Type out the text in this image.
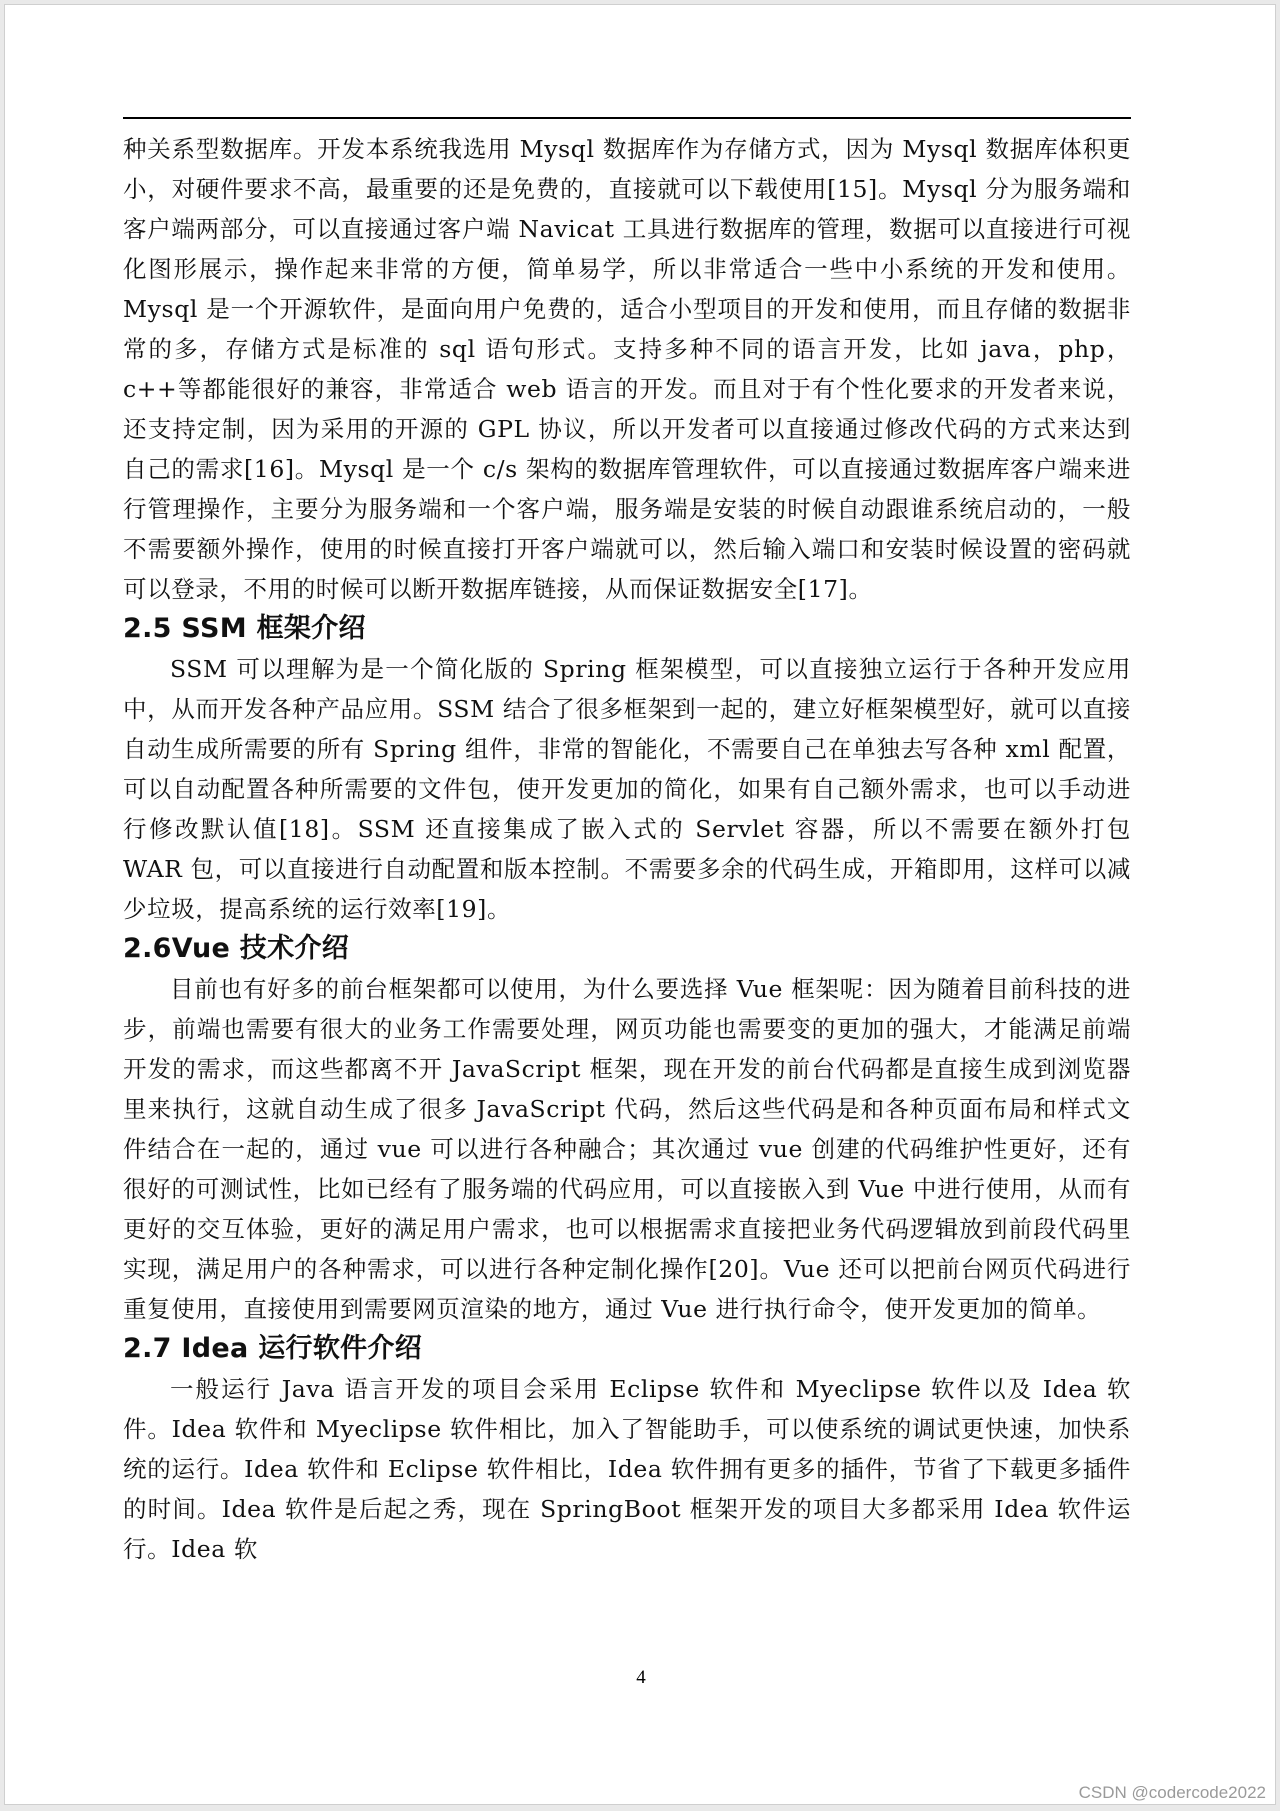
种关系型数据库。开发本系统我选用 Mysql 数据库作为存储方式，因为 Mysql 数据库体积更小，对硬件要求不高，最重要的还是免费的，直接就可以下载使用[15]。Mysql 分为服务端和客户端两部分，可以直接通过客户端 Navicat 工具进行数据库的管理，数据可以直接进行可视化图形展示，操作起来非常的方便，简单易学，所以非常适合一些中小系统的开发和使用。Mysql 是一个开源软件，是面向用户免费的，适合小型项目的开发和使用，而且存储的数据非常的多，存储方式是标准的 sql 语句形式。支持多种不同的语言开发，比如 java，php，c++等都能很好的兼容，非常适合 web 语言的开发。而且对于有个性化要求的开发者来说，还支持定制，因为采用的开源的 GPL 协议，所以开发者可以直接通过修改代码的方式来达到自己的需求[16]。Mysql 是一个 c/s 架构的数据库管理软件，可以直接通过数据库客户端来进行管理操作，主要分为服务端和一个客户端，服务端是安装的时候自动跟谁系统启动的，一般不需要额外操作，使用的时候直接打开客户端就可以，然后输入端口和安装时候设置的密码就可以登录，不用的时候可以断开数据库链接，从而保证数据安全[17]。

2.5 SSM 框架介绍

SSM 可以理解为是一个简化版的 Spring 框架模型，可以直接独立运行于各种开发应用中，从而开发各种产品应用。SSM 结合了很多框架到一起的，建立好框架模型好，就可以直接自动生成所需要的所有 Spring 组件，非常的智能化，不需要自己在单独去写各种 xml 配置，可以自动配置各种所需要的文件包，使开发更加的简化，如果有自己额外需求，也可以手动进行修改默认值[18]。SSM 还直接集成了嵌入式的 Servlet 容器，所以不需要在额外打包 WAR 包，可以直接进行自动配置和版本控制。不需要多余的代码生成，开箱即用，这样可以减少垃圾，提高系统的运行效率[19]。

2.6Vue 技术介绍

目前也有好多的前台框架都可以使用，为什么要选择 Vue 框架呢：因为随着目前科技的进步，前端也需要有很大的业务工作需要处理，网页功能也需要变的更加的强大，才能满足前端开发的需求，而这些都离不开 JavaScript 框架，现在开发的前台代码都是直接生成到浏览器里来执行，这就自动生成了很多 JavaScript 代码，然后这些代码是和各种页面布局和样式文件结合在一起的，通过 vue 可以进行各种融合；其次通过 vue 创建的代码维护性更好，还有很好的可测试性，比如已经有了服务端的代码应用，可以直接嵌入到 Vue 中进行使用，从而有更好的交互体验，更好的满足用户需求，也可以根据需求直接把业务代码逻辑放到前段代码里实现，满足用户的各种需求，可以进行各种定制化操作[20]。Vue 还可以把前台网页代码进行重复使用，直接使用到需要网页渲染的地方，通过 Vue 进行执行命令，使开发更加的简单。

2.7 Idea 运行软件介绍

一般运行 Java 语言开发的项目会采用 Eclipse 软件和 Myeclipse 软件以及 Idea 软件。Idea 软件和 Myeclipse 软件相比，加入了智能助手，可以使系统的调试更快速，加快系统的运行。Idea 软件和 Eclipse 软件相比，Idea 软件拥有更多的插件，节省了下载更多插件的时间。Idea 软件是后起之秀，现在 SpringBoot 框架开发的项目大多都采用 Idea 软件运行。Idea 软

4
CSDN @codercode2022
